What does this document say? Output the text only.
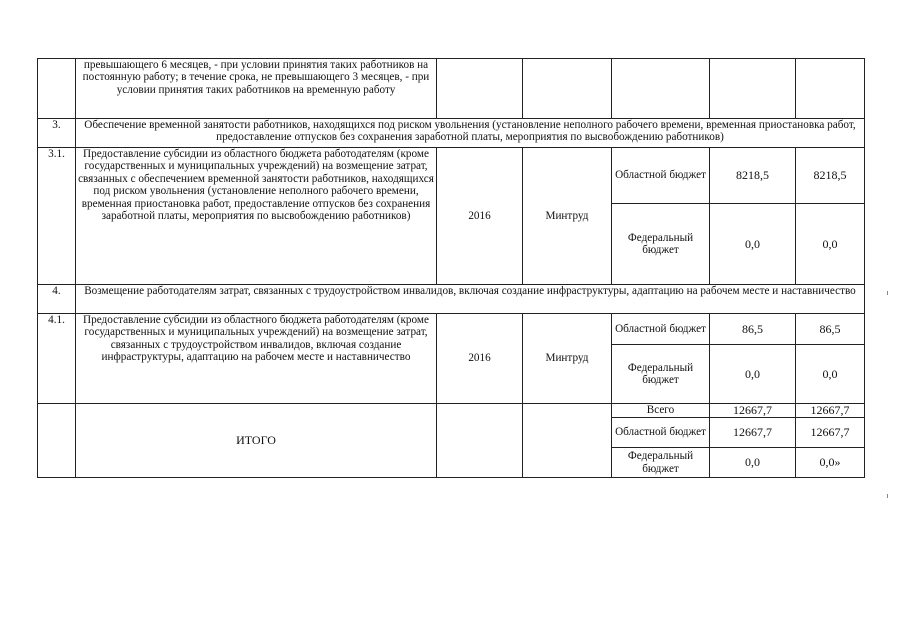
	превышающего 6 месяцев, - при условии принятия таких работников на постоянную работу; в течение срока, не превышающего 3 месяцев, - при условии принятия таких работников на временную работу					
3.	Обеспечение временной занятости работников, находящихся под риском увольнения (установление неполного рабочего времени, временная приостановка работ, предоставление отпусков без сохранения заработной платы, мероприятия по высвобождению работников)					
3.1.	Предоставление субсидии из областного бюджета работодателям (кроме государственных и муниципальных учреждений) на возмещение затрат, связанных с обеспечением временной занятости работников, находящихся под риском увольнения (установление неполного рабочего времени, временная приостановка работ, предоставление отпусков без сохранения заработной платы, мероприятия по высвобождению работников)	2016	Минтруд	Областной бюджет	8218,5	8218,5
				Федеральный бюджет	0,0	0,0
4.	Возмещение работодателям затрат, связанных с трудоустройством инвалидов, включая создание инфраструктуры, адаптацию на рабочем месте и наставничество					
4.1.	Предоставление субсидии из областного бюджета работодателям (кроме государственных и муниципальных учреждений) на возмещение затрат, связанных с трудоустройством инвалидов, включая создание инфраструктуры, адаптацию на рабочем месте и наставничество	2016	Минтруд	Областной бюджет	86,5	86,5
				Федеральный бюджет	0,0	0,0
	ИТОГО			Всего	12667,7	12667,7
				Областной бюджет	12667,7	12667,7
				Федеральный бюджет	0,0	0,0»
